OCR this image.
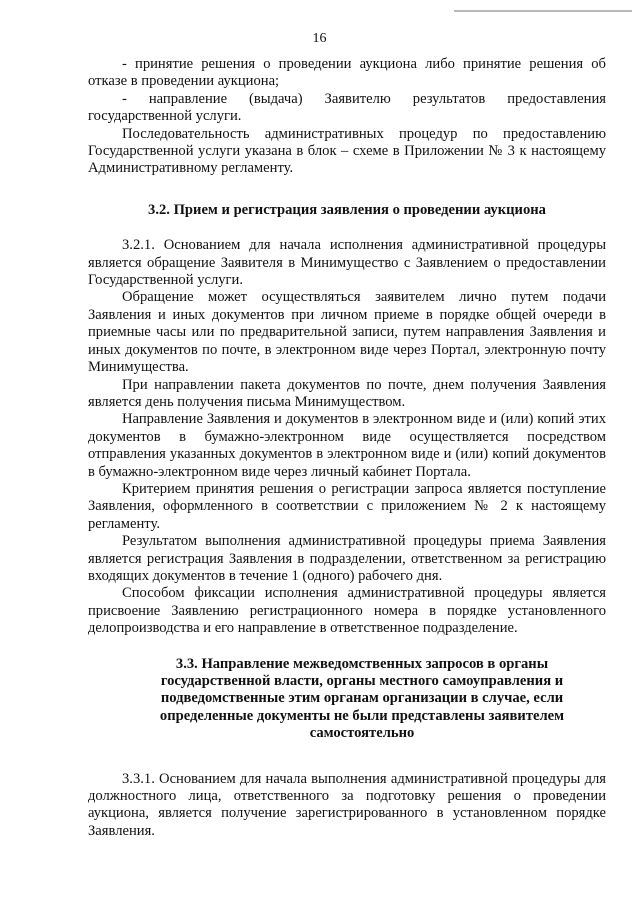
16

- принятие решения о проведении аукциона либо принятие решения об отказе в проведении аукциона;

- направление (выдача) Заявителю результатов предоставления государственной услуги.

Последовательность административных процедур по предоставлению Государственной услуги указана в блок – схеме в Приложении № 3 к настоящему Административному регламенту.

3.2. Прием и регистрация заявления о проведении аукциона

3.2.1. Основанием для начала исполнения административной процедуры является обращение Заявителя в Минимущество с Заявлением о предоставлении Государственной услуги.

Обращение может осуществляться заявителем лично путем подачи Заявления и иных документов при личном приеме в порядке общей очереди в приемные часы или по предварительной записи, путем направления Заявления и иных документов по почте, в электронном виде через Портал, электронную почту Минимущества.

При направлении пакета документов по почте, днем получения Заявления является день получения письма Минимуществом.

Направление Заявления и документов в электронном виде и (или) копий этих документов в бумажно-электронном виде осуществляется посредством отправления указанных документов в электронном виде и (или) копий документов в бумажно-электронном виде через личный кабинет Портала.

Критерием принятия решения о регистрации запроса является поступление Заявления, оформленного в соответствии с приложением № 2 к настоящему регламенту.

Результатом выполнения административной процедуры приема Заявления является регистрация Заявления в подразделении, ответственном за регистрацию входящих документов в течение 1 (одного) рабочего дня.

Способом фиксации исполнения административной процедуры является присвоение Заявлению регистрационного номера в порядке установленного делопроизводства и его направление в ответственное подразделение.

3.3. Направление межведомственных запросов в органы
государственной власти, органы местного самоуправления и
подведомственные этим органам организации в случае, если
определенные документы не были представлены заявителем
самостоятельно

3.3.1. Основанием для начала выполнения административной процедуры для должностного лица, ответственного за подготовку решения о проведении аукциона, является получение зарегистрированного в установленном порядке Заявления.
